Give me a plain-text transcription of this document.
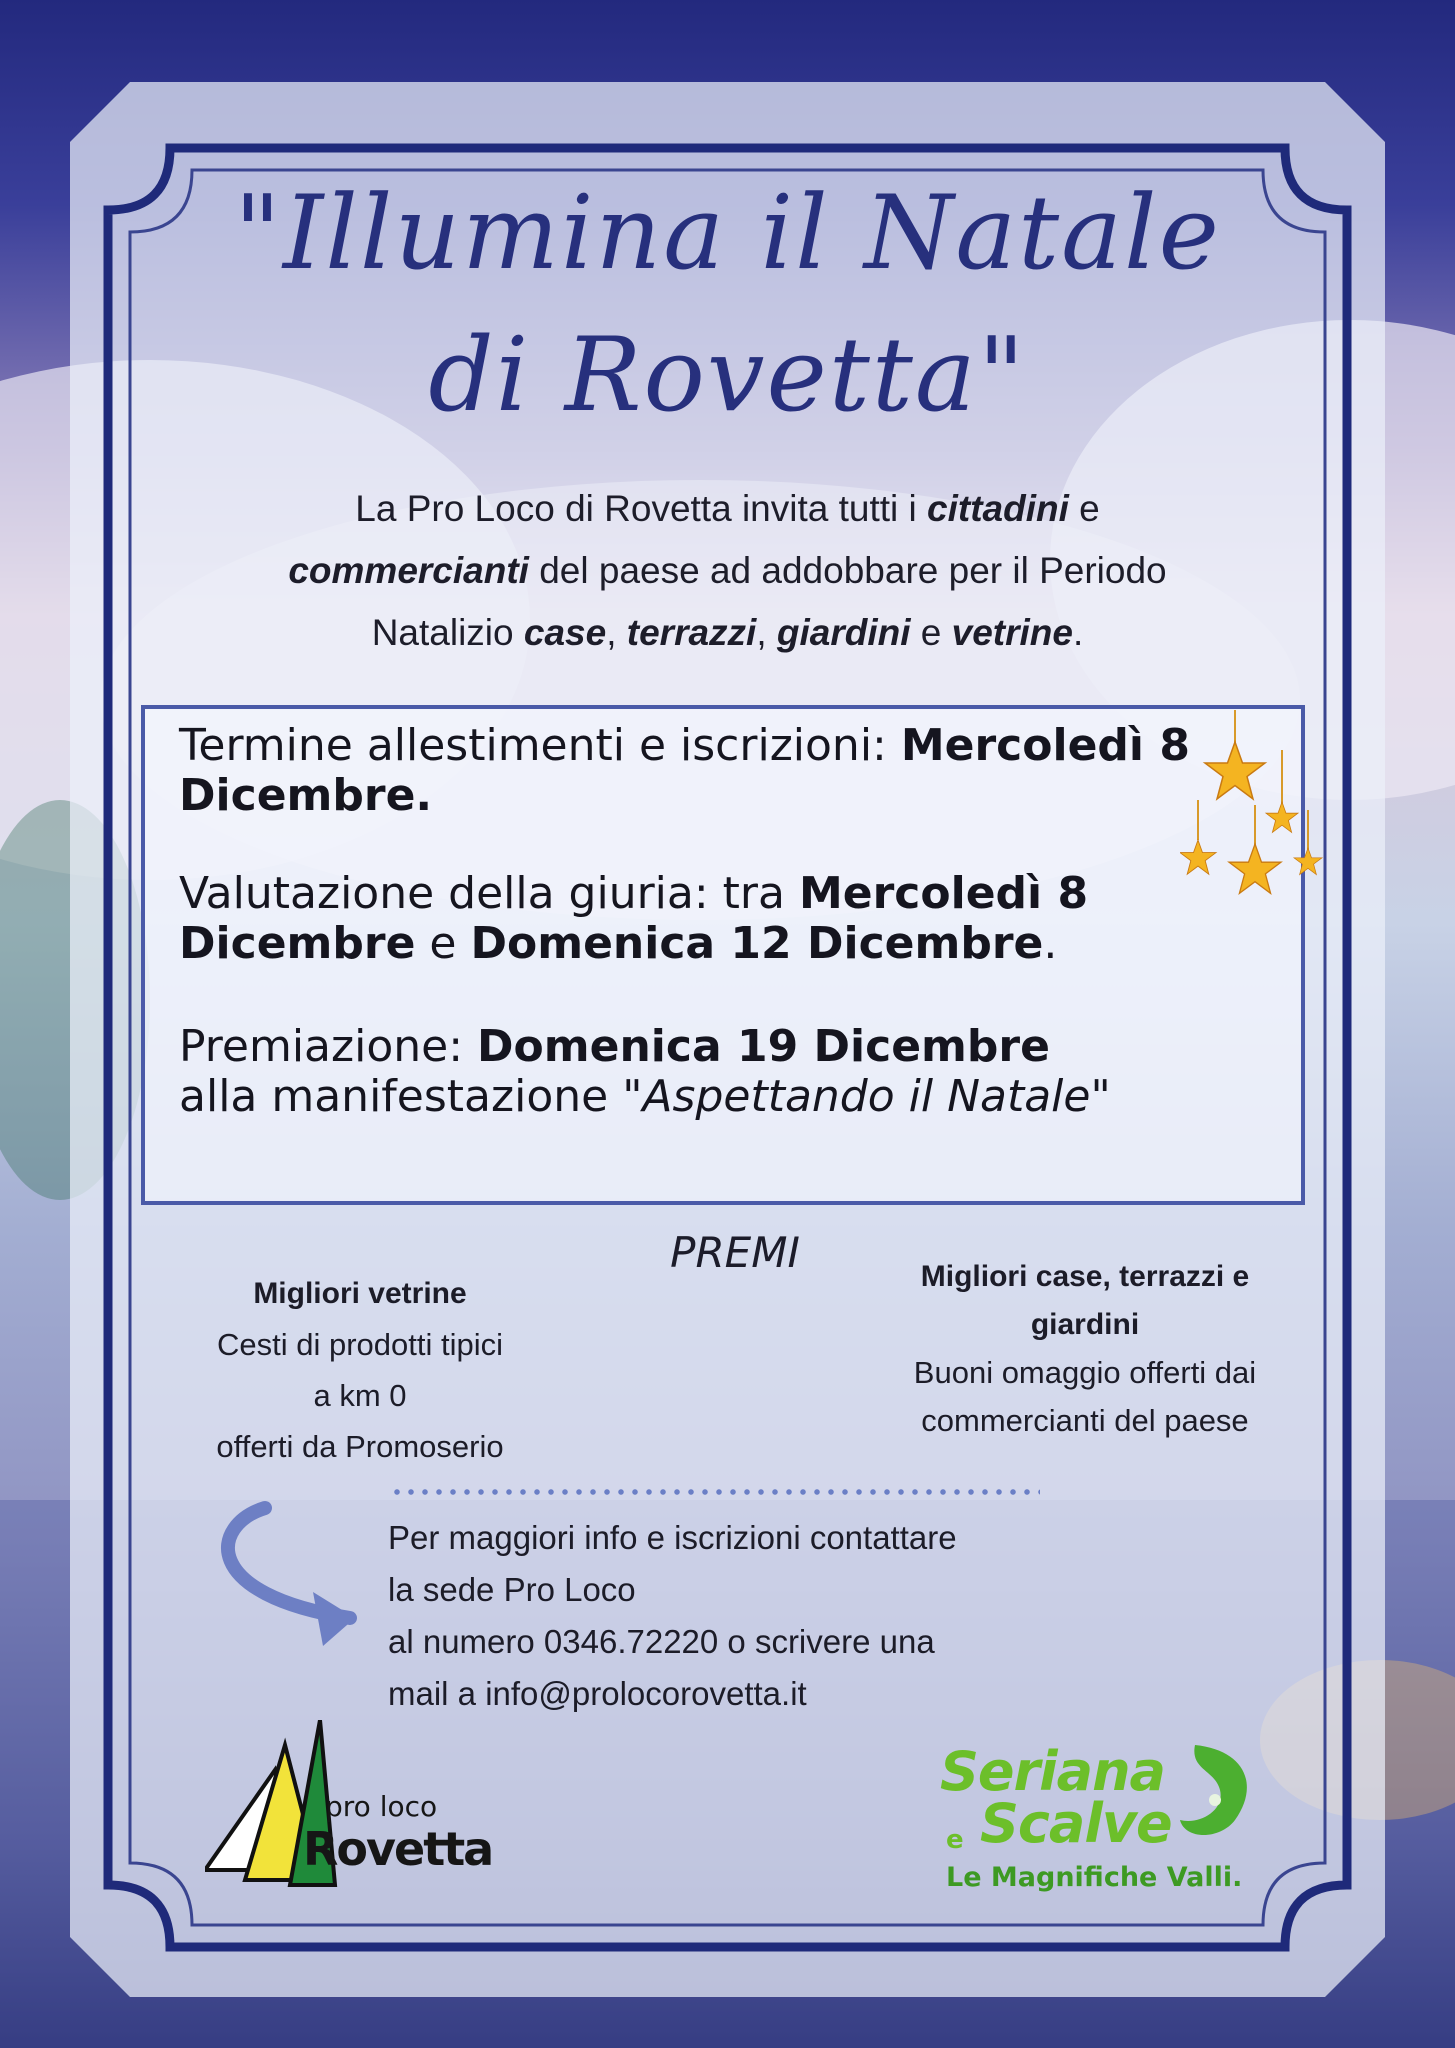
"Illumina il Natale
di Rovetta"
La Pro Loco di Rovetta invita tutti i cittadini e
commercianti del paese ad addobbare per il Periodo
Natalizio case, terrazzi, giardini e vetrine.

Termine allestimenti e iscrizioni: Mercoledì 8 Dicembre.

Valutazione della giuria: tra Mercoledì 8 Dicembre e Domenica 12 Dicembre.

Premiazione: Domenica 19 Dicembre
alla manifestazione "Aspettando il Natale"

PREMI
Migliori vetrine
Cesti di prodotti tipici
a km 0
offerti da Promoserio
Migliori case, terrazzi e
giardini
Buoni omaggio offerti dai
commercianti del paese
Per maggiori info e iscrizioni contattare
la sede Pro Loco
al numero 0346.72220 o scrivere una
mail a info@prolocorovetta.it
pro loco
Rovetta
Seriana
e Scalve
Le Magnifiche Valli.
